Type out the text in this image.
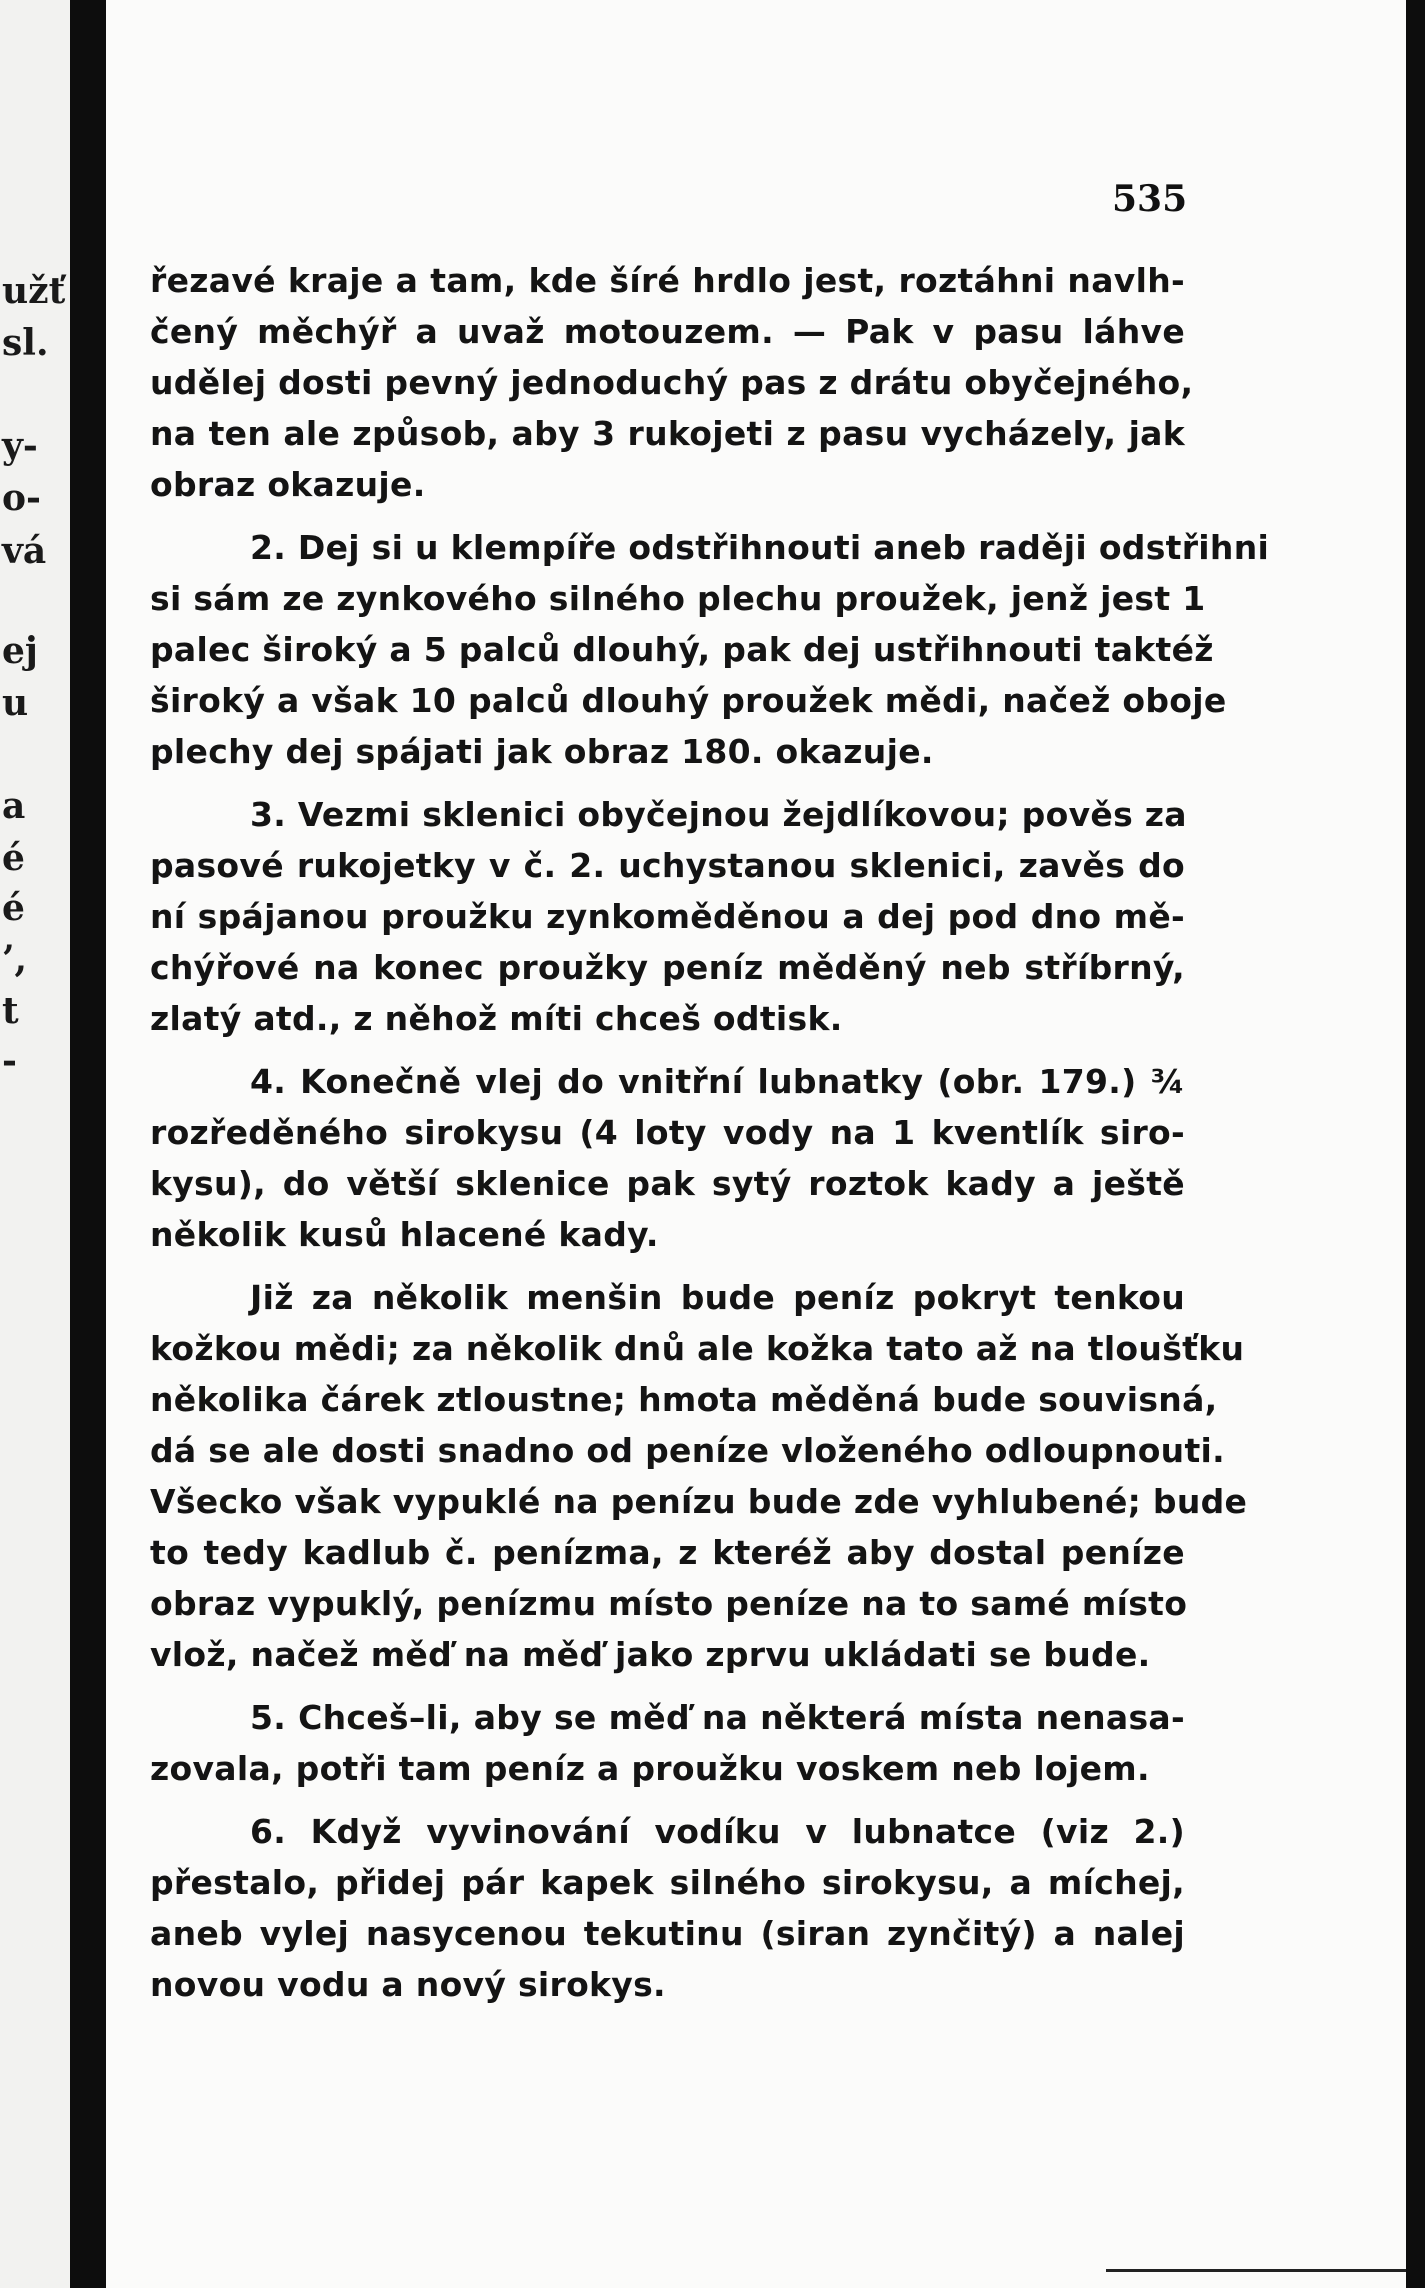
užť
sl.
y-
o-
vá
ej
u
a
é
é
’,
t
-
535
řezavé kraje a tam, kde šíré hrdlo jest, roztáhni navlh-
čený měchýř a uvaž motouzem. — Pak v pasu láhve
udělej dosti pevný jednoduchý pas z drátu obyčejného,
na ten ale způsob, aby 3 rukojeti z pasu vycházely, jak
obraz okazuje.
2. Dej si u klempíře odstřihnouti aneb raději odstřihni
si sám ze zynkového silného plechu proužek, jenž jest 1
palec široký a 5 palců dlouhý, pak dej ustřihnouti taktéž
široký a však 10 palců dlouhý proužek mědi, načež oboje
plechy dej spájati jak obraz 180. okazuje.
3. Vezmi sklenici obyčejnou žejdlíkovou; pověs za
pasové rukojetky v č. 2. uchystanou sklenici, zavěs do
ní spájanou proužku zynkoměděnou a dej pod dno mě-
chýřové na konec proužky peníz měděný neb stříbrný,
zlatý atd., z něhož míti chceš odtisk.
4. Konečně vlej do vnitřní lubnatky (obr. 179.) ¾
rozředěného sirokysu (4 loty vody na 1 kventlík siro-
kysu), do větší sklenice pak sytý roztok kady a ještě
několik kusů hlacené kady.
Již za několik menšin bude peníz pokryt tenkou
kožkou mědi; za několik dnů ale kožka tato až na tloušťku
několika čárek ztloustne; hmota měděná bude souvisná,
dá se ale dosti snadno od peníze vloženého odloupnouti.
Všecko však vypuklé na penízu bude zde vyhlubené; bude
to tedy kadlub č. penízma, z kteréž aby dostal peníze
obraz vypuklý, penízmu místo peníze na to samé místo
vlož, načež měď na měď jako zprvu ukládati se bude.
5. Chceš–li, aby se měď na některá místa nenasa-
zovala, potři tam peníz a proužku voskem neb lojem.
6. Když vyvinování vodíku v lubnatce (viz 2.)
přestalo, přidej pár kapek silného sirokysu, a míchej,
aneb vylej nasycenou tekutinu (siran zynčitý) a nalej
novou vodu a nový sirokys.
